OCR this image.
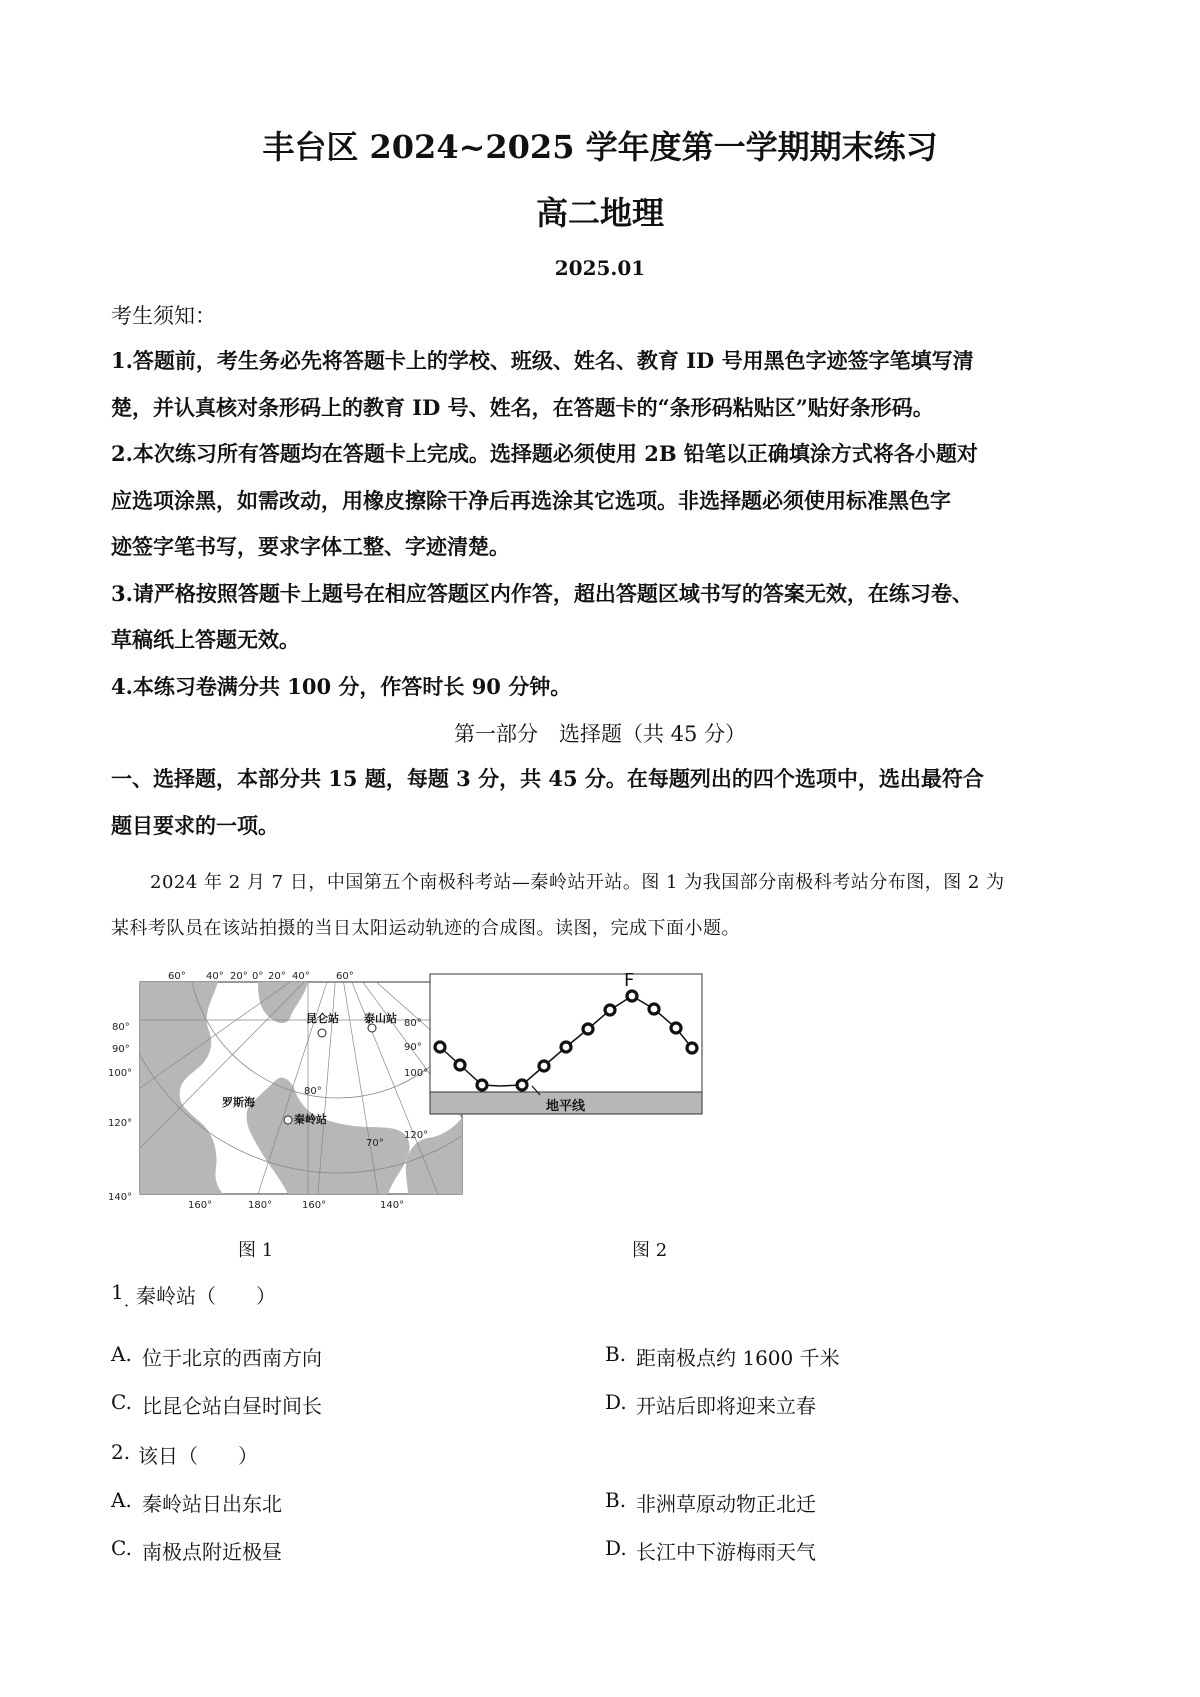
丰台区 2024~2025 学年度第一学期期末练习
高二地理
2025.01
考生须知：
1.答题前，考生务必先将答题卡上的学校、班级、姓名、教育 ID 号用黑色字迹签字笔填写清
楚，并认真核对条形码上的教育 ID 号、姓名，在答题卡的“条形码粘贴区”贴好条形码。
2.本次练习所有答题均在答题卡上完成。选择题必须使用 2B 铅笔以正确填涂方式将各小题对
应选项涂黑，如需改动，用橡皮擦除干净后再选涂其它选项。非选择题必须使用标准黑色字
迹签字笔书写，要求字体工整、字迹清楚。
3.请严格按照答题卡上题号在相应答题区内作答，超出答题区域书写的答案无效，在练习卷、
草稿纸上答题无效。
4.本练习卷满分共 100 分，作答时长 90 分钟。
第一部分　选择题（共 45 分）
一、选择题，本部分共 15 题，每题 3 分，共 45 分。在每题列出的四个选项中，选出最符合
题目要求的一项。
2024 年 2 月 7 日，中国第五个南极科考站—秦岭站开站。图 1 为我国部分南极科考站分布图，图 2 为
某科考队员在该站拍摄的当日太阳运动轨迹的合成图。读图，完成下面小题。
昆仑站 泰山站
秦岭站
罗斯海
60° 40° 20° 0° 20° 40°	60°
160°	180°	160°	140°
80°
90°
100°
120°
140°
80°
90°
100°
120°
80°
70°
F
地平线
图 1	图 2
1 秦岭站（　　）
·
A. 位于北京的西南方向	B. 距南极点约 1600 千米
C. 比昆仑站白昼时间长	D. 开站后即将迎来立春
2. 该日（　　）
A. 秦岭站日出东北	B. 非洲草原动物正北迁
C. 南极点附近极昼	D. 长江中下游梅雨天气
